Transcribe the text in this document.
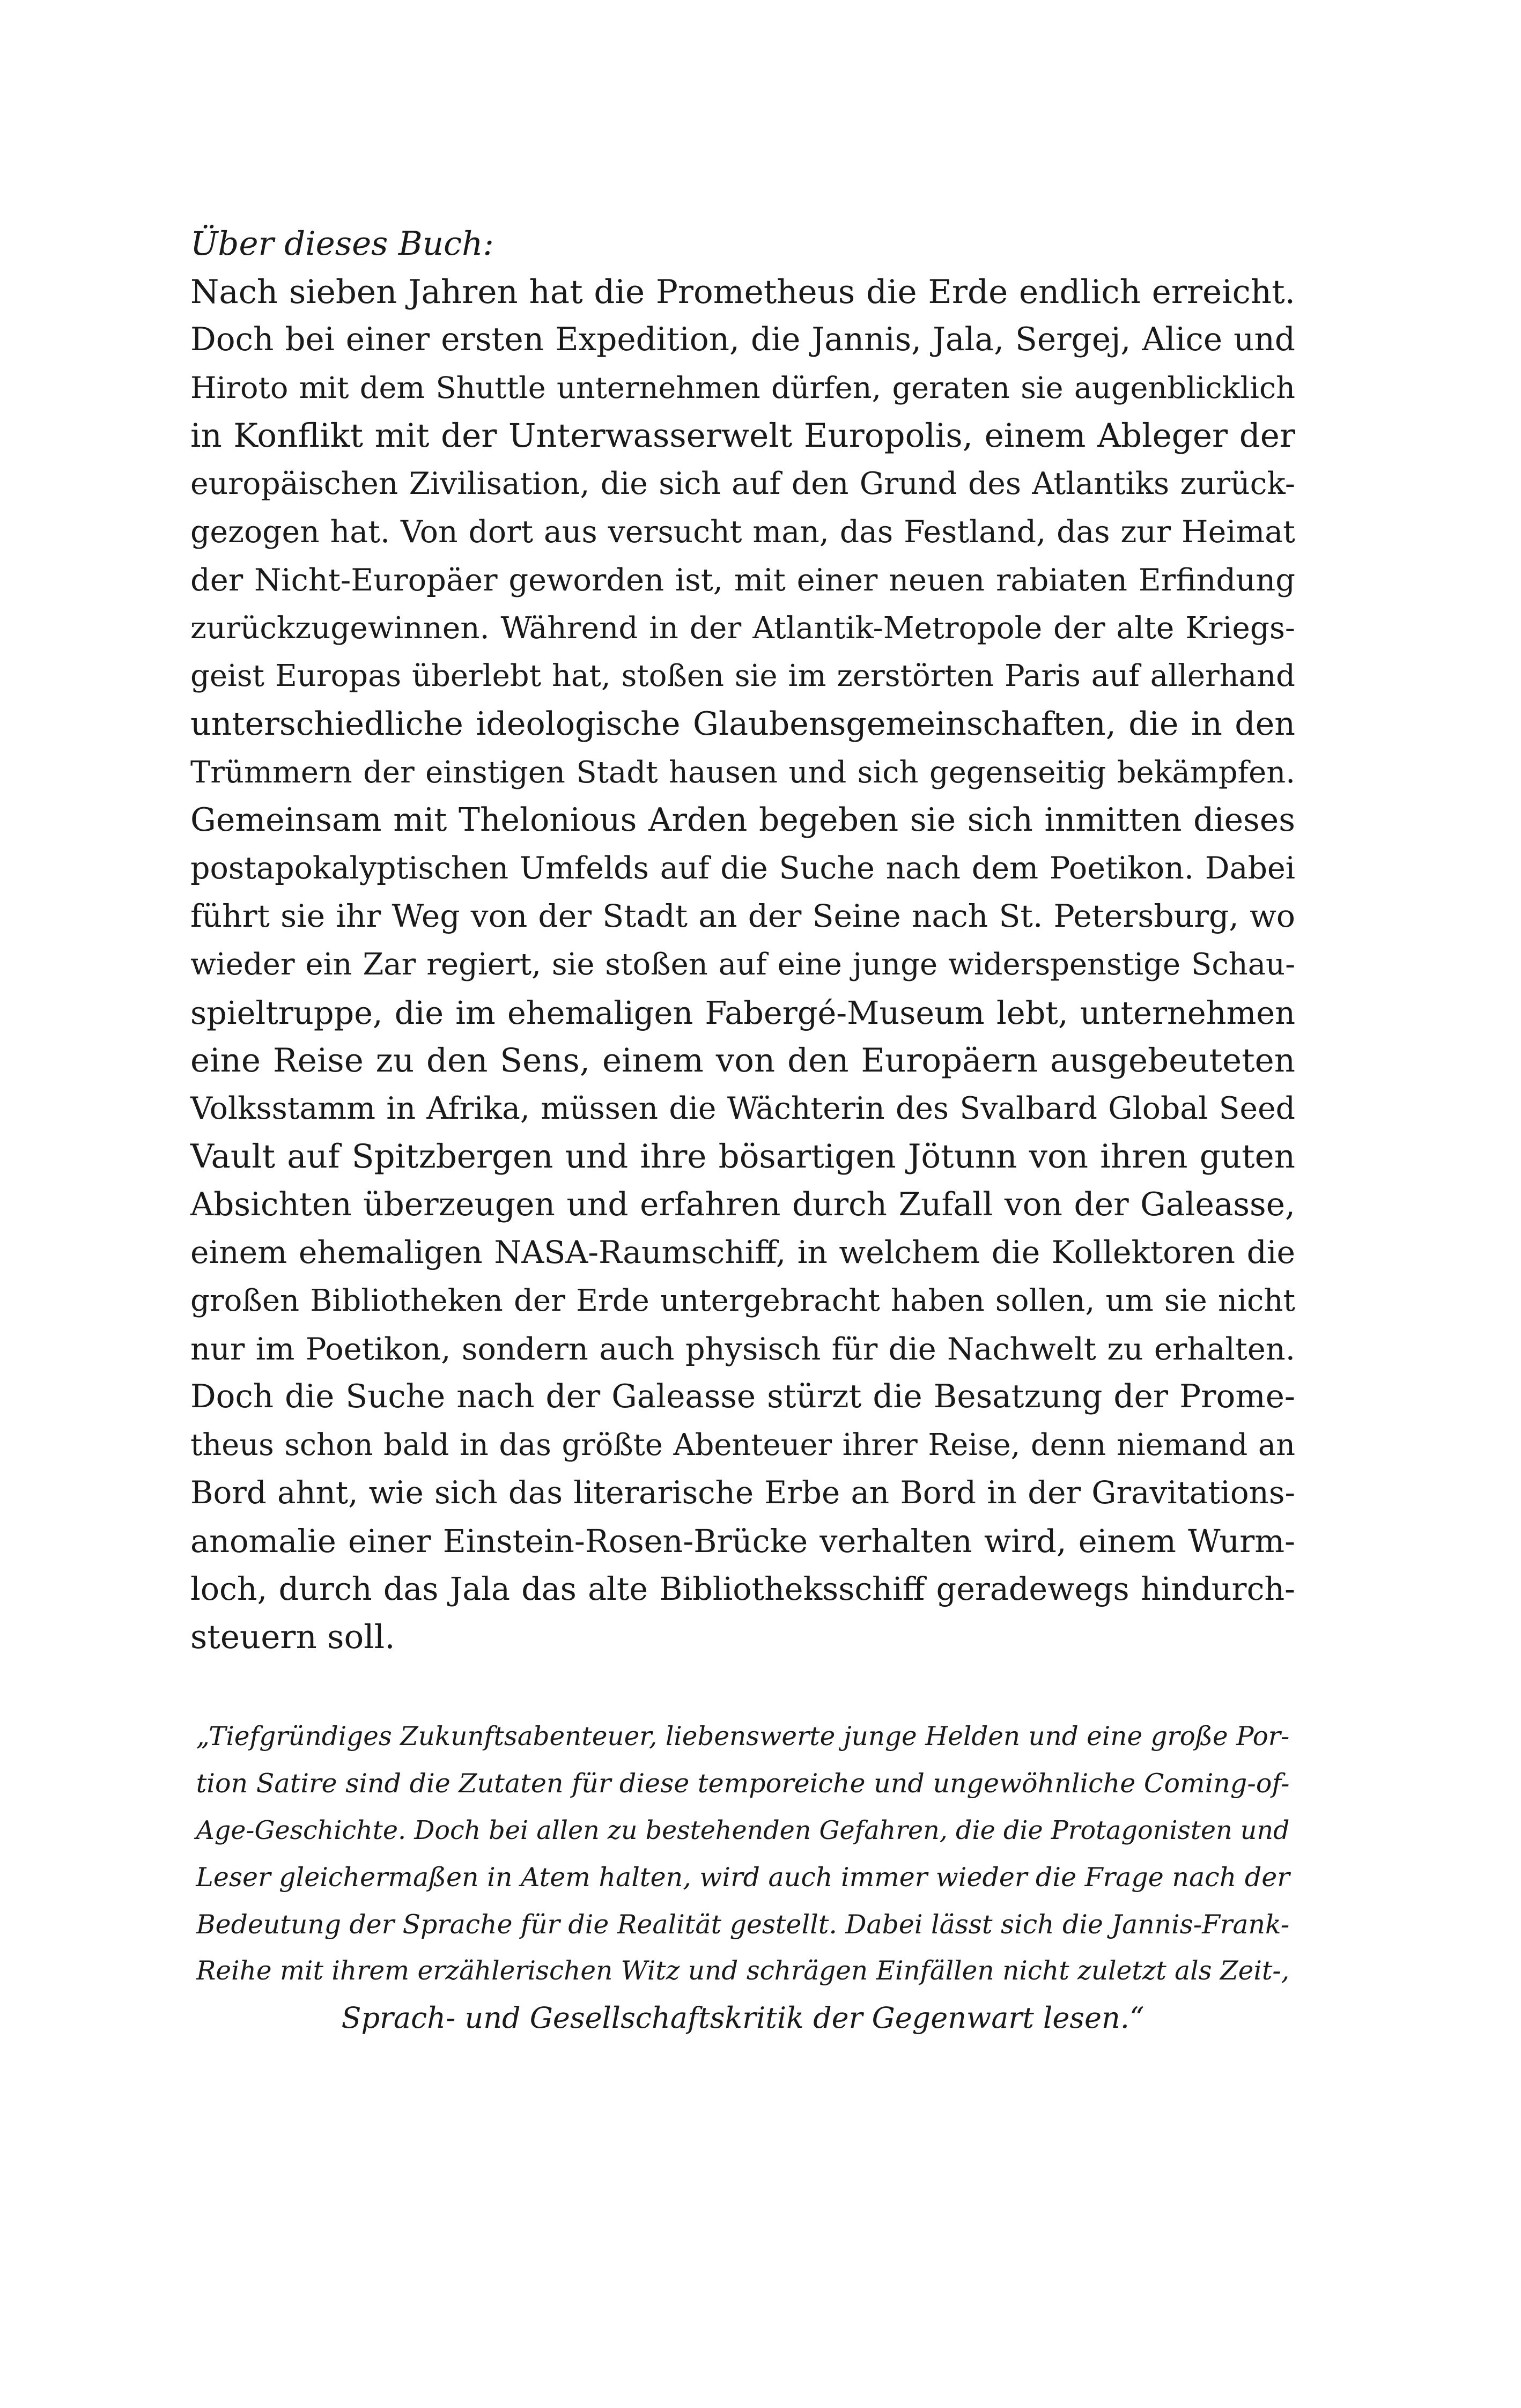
Über dieses Buch:
Nach sieben Jahren hat die Prometheus die Erde endlich erreicht.
Doch bei einer ersten Expedition, die Jannis, Jala, Sergej, Alice und
Hiroto mit dem Shuttle unternehmen dürfen, geraten sie augenblicklich
in Konflikt mit der Unterwasserwelt Europolis, einem Ableger der
europäischen Zivilisation, die sich auf den Grund des Atlantiks zurück-
gezogen hat. Von dort aus versucht man, das Festland, das zur Heimat
der Nicht-Europäer geworden ist, mit einer neuen rabiaten Erfindung
zurückzugewinnen. Während in der Atlantik-Metropole der alte Kriegs-
geist Europas überlebt hat, stoßen sie im zerstörten Paris auf allerhand
unterschiedliche ideologische Glaubensgemeinschaften, die in den
Trümmern der einstigen Stadt hausen und sich gegenseitig bekämpfen.
Gemeinsam mit Thelonious Arden begeben sie sich inmitten dieses
postapokalyptischen Umfelds auf die Suche nach dem Poetikon. Dabei
führt sie ihr Weg von der Stadt an der Seine nach St. Petersburg, wo
wieder ein Zar regiert, sie stoßen auf eine junge widerspenstige Schau-
spieltruppe, die im ehemaligen Fabergé-Museum lebt, unternehmen
eine Reise zu den Sens, einem von den Europäern ausgebeuteten
Volksstamm in Afrika, müssen die Wächterin des Svalbard Global Seed
Vault auf Spitzbergen und ihre bösartigen Jötunn von ihren guten
Absichten überzeugen und erfahren durch Zufall von der Galeasse,
einem ehemaligen NASA-Raumschiff, in welchem die Kollektoren die
großen Bibliotheken der Erde untergebracht haben sollen, um sie nicht
nur im Poetikon, sondern auch physisch für die Nachwelt zu erhalten.
Doch die Suche nach der Galeasse stürzt die Besatzung der Prome-
theus schon bald in das größte Abenteuer ihrer Reise, denn niemand an
Bord ahnt, wie sich das literarische Erbe an Bord in der Gravitations-
anomalie einer Einstein-Rosen-Brücke verhalten wird, einem Wurm-
loch, durch das Jala das alte Bibliotheksschiff geradewegs hindurch-
steuern soll.
„Tiefgründiges Zukunftsabenteuer, liebenswerte junge Helden und eine große Por-
tion Satire sind die Zutaten für diese temporeiche und ungewöhnliche Coming-of-
Age-Geschichte. Doch bei allen zu bestehenden Gefahren, die die Protagonisten und
Leser gleichermaßen in Atem halten, wird auch immer wieder die Frage nach der
Bedeutung der Sprache für die Realität gestellt. Dabei lässt sich die Jannis-Frank-
Reihe mit ihrem erzählerischen Witz und schrägen Einfällen nicht zuletzt als Zeit-,
Sprach- und Gesellschaftskritik der Gegenwart lesen.“
